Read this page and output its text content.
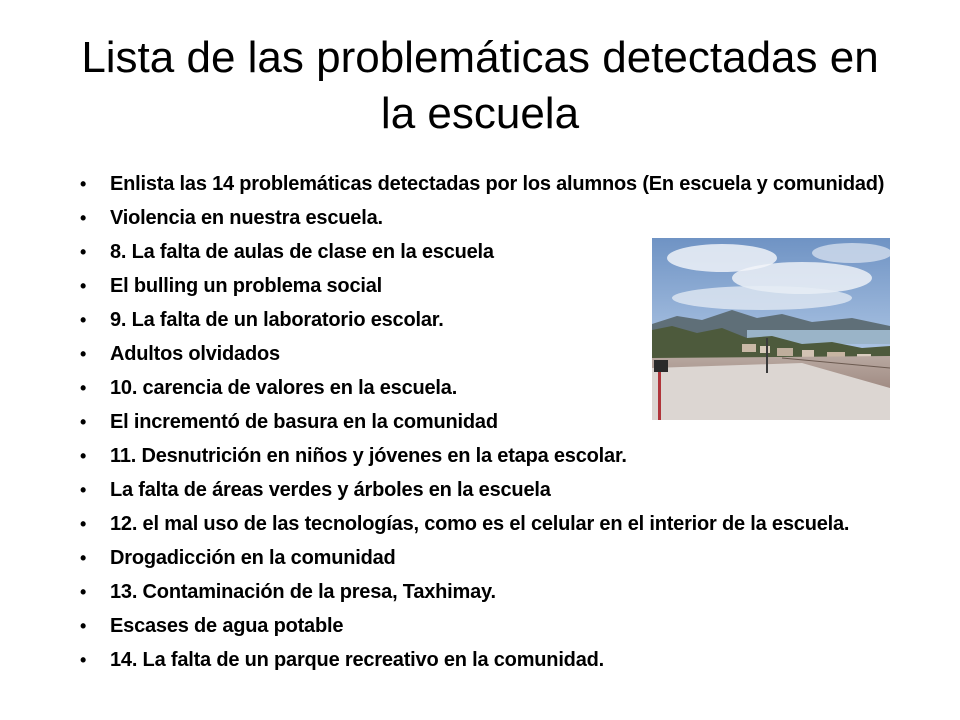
Lista de las problemáticas detectadas en la escuela
• Enlista las 14 problemáticas detectadas por los alumnos (En escuela y comunidad)
• Violencia en nuestra escuela.
• 8. La falta de aulas de clase en la escuela
• El bulling un problema social
• 9. La falta de un laboratorio escolar.
• Adultos olvidados
• 10. carencia de valores en la escuela.
• El incrementó de basura en la comunidad
• 11. Desnutrición en niños y jóvenes en la etapa escolar.
• La falta de áreas verdes y árboles en la escuela
• 12. el mal uso de las tecnologías, como es el celular en el interior de la escuela.
• Drogadicción en la comunidad
• 13. Contaminación de la presa, Taxhimay.
• Escases de agua potable
• 14. La falta de un parque recreativo en la comunidad.
